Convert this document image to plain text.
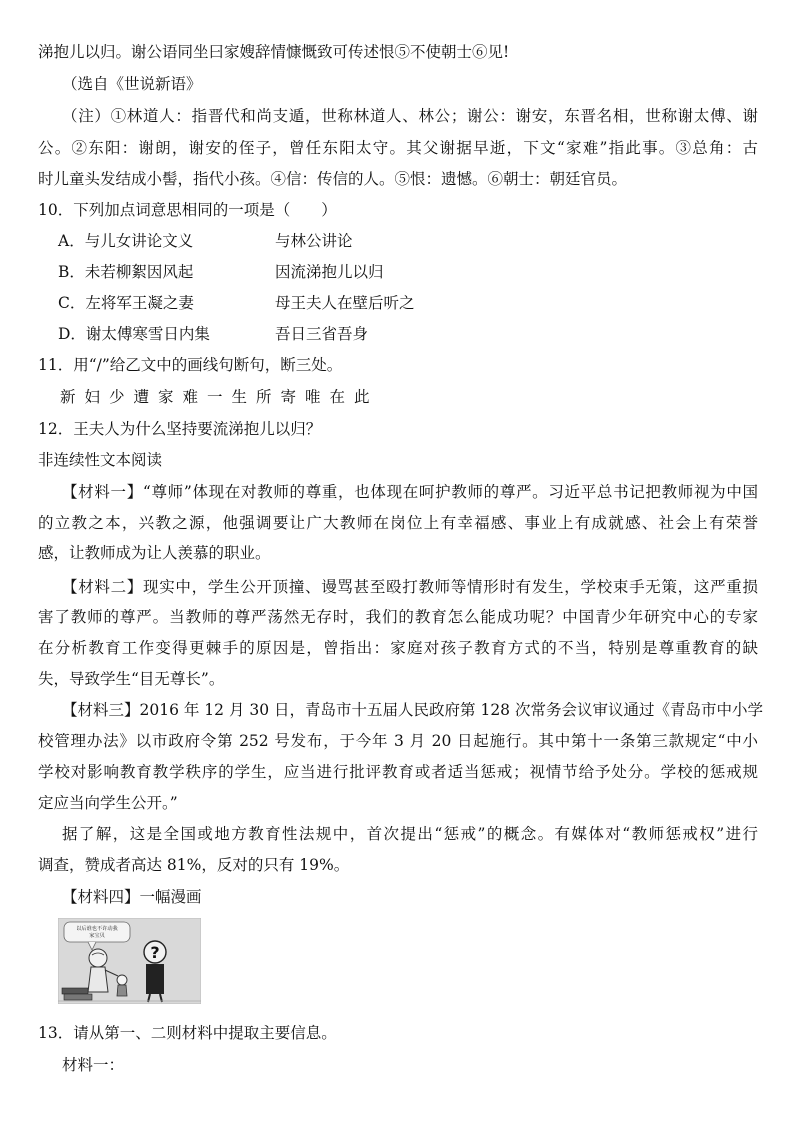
涕抱儿以归。谢公语同坐曰家嫂辞情慷慨致可传述恨⑤不使朝士⑥见!
（选自《世说新语》
（注）①林道人：指晋代和尚支遁，世称林道人、林公；谢公：谢安，东晋名相，世称谢太傅、谢
公。②东阳：谢朗，谢安的侄子，曾任东阳太守。其父谢据早逝，下文“家难”指此事。③总角：古
时儿童头发结成小髻，指代小孩。④信：传信的人。⑤恨：遗憾。⑥朝士：朝廷官员。
10．下列加点词意思相同的一项是（　　）
A．与儿女讲论文义	与林公讲论
B．未若柳絮因风起	因流涕抱儿以归
C．左将军王凝之妻	母王夫人在壁后听之
D．谢太傅寒雪日内集	吾日三省吾身
11．用“/”给乙文中的画线句断句，断三处。
新妇少遭家难一生所寄唯在此
12．王夫人为什么坚持要流涕抱儿以归？
非连续性文本阅读
【材料一】“尊师”体现在对教师的尊重，也体现在呵护教师的尊严。习近平总书记把教师视为中国
的立教之本，兴教之源，他强调要让广大教师在岗位上有幸福感、事业上有成就感、社会上有荣誉
感，让教师成为让人羡慕的职业。
【材料二】现实中，学生公开顶撞、谩骂甚至殴打教师等情形时有发生，学校束手无策，这严重损
害了教师的尊严。当教师的尊严荡然无存时，我们的教育怎么能成功呢？中国青少年研究中心的专家
在分析教育工作变得更棘手的原因是，曾指出：家庭对孩子教育方式的不当，特别是尊重教育的缺
失，导致学生“目无尊长”。
【材料三】2016 年 12 月 30 日，青岛市十五届人民政府第 128 次常务会议审议通过《青岛市中小学
校管理办法》以市政府令第 252 号发布，于今年 3 月 20 日起施行。其中第十一条第三款规定“中小
学校对影响教育教学秩序的学生，应当进行批评教育或者适当惩戒；视情节给予处分。学校的惩戒规
定应当向学生公开。”
据了解，这是全国或地方教育性法规中，首次提出“惩戒”的概念。有媒体对“教师惩戒权”进行
调查，赞成者高达 81%，反对的只有 19%。
【材料四】一幅漫画
以后谁也不许动我家宝贝
?
13．请从第一、二则材料中提取主要信息。
材料一：
